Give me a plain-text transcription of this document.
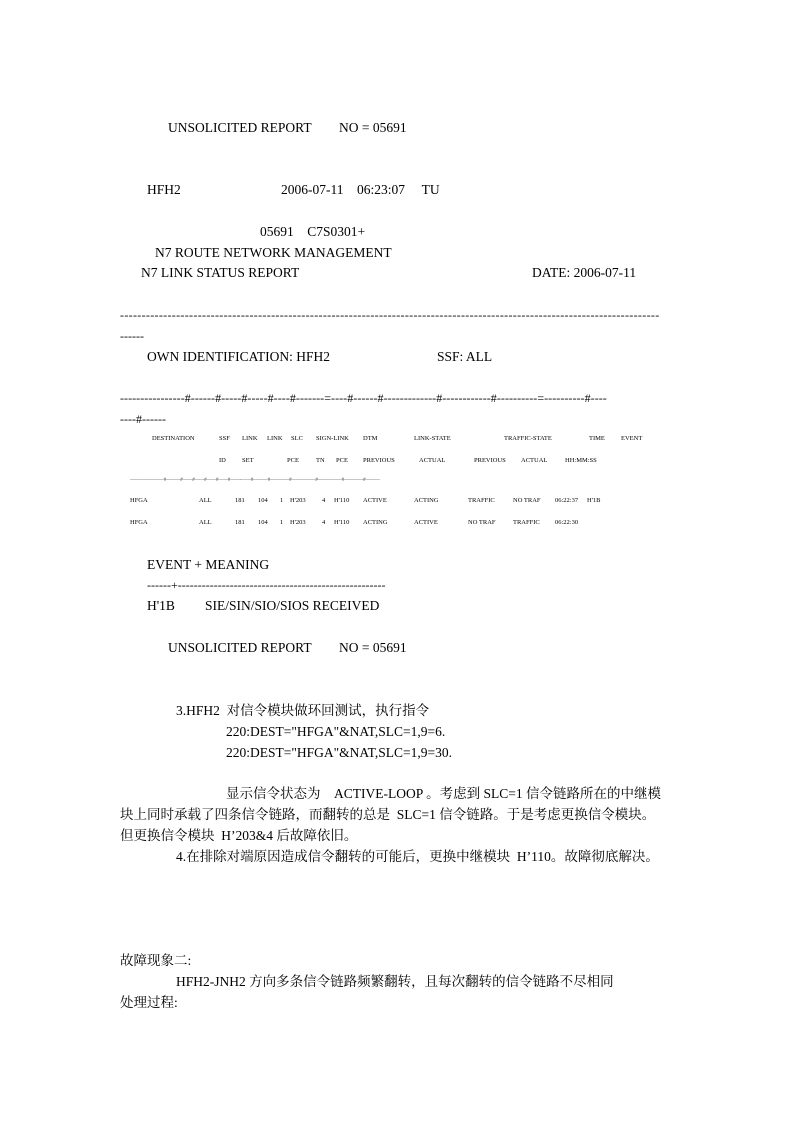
UNSOLICITED REPORT NO = 05691
HFH2	2006-07-11    06:23:07     TU
05691    C7S0301+
N7 ROUTE NETWORK MANAGEMENT
N7 LINK STATUS REPORT	DATE: 2006-07-11
-----------------------------------------------------------------------------------------------------------------------------
------
OWN IDENTIFICATION: HFH2	SSF: ALL
----------------#------#-----#-----#----#-------=----#------#-------------#------------#----------=----------#----
----#------
DESTINATION	SSF LINK LINK SLC SIGN-LINK DTM	LINK-STATE	TRAFFIC-STATE	TIME EVENT
ID SET	PCE	TN PCE PREVIOUS	ACTUAL	PREVIOUS ACTUAL	HH:MM:SS
———————#———#——#——#——#——#——-——#———#————#—————#—————#————#———
HFGA	ALL	181 104 1 H'203	4 H'110 ACTIVE	ACTING	TRAFFIC	NO TRAF 06:22:37 H'1B
HFGA	ALL	181 104 1 H'203	4 H'110 ACTING	ACTIVE	NO TRAF	TRAFFIC 06:22:30
EVENT + MEANING
------+----------------------------------------------------
H'1B SIE/SIN/SIO/SIOS RECEIVED
UNSOLICITED REPORT NO = 05691
3.HFH2  对信令模块做环回测试，执行指令
220:DEST="HFGA"&NAT,SLC=1,9=6.
220:DEST="HFGA"&NAT,SLC=1,9=30.
显示信令状态为    ACTIVE-LOOP 。考虑到 SLC=1 信令链路所在的中继模
块上同时承载了四条信令链路，而翻转的总是  SLC=1 信令链路。于是考虑更换信令模块。
但更换信令模块  H’203&4 后故障依旧。
4.在排除对端原因造成信令翻转的可能后，更换中继模块  H’110。故障彻底解决。
故障现象二:
HFH2-JNH2 方向多条信令链路频繁翻转，且每次翻转的信令链路不尽相同
处理过程:
